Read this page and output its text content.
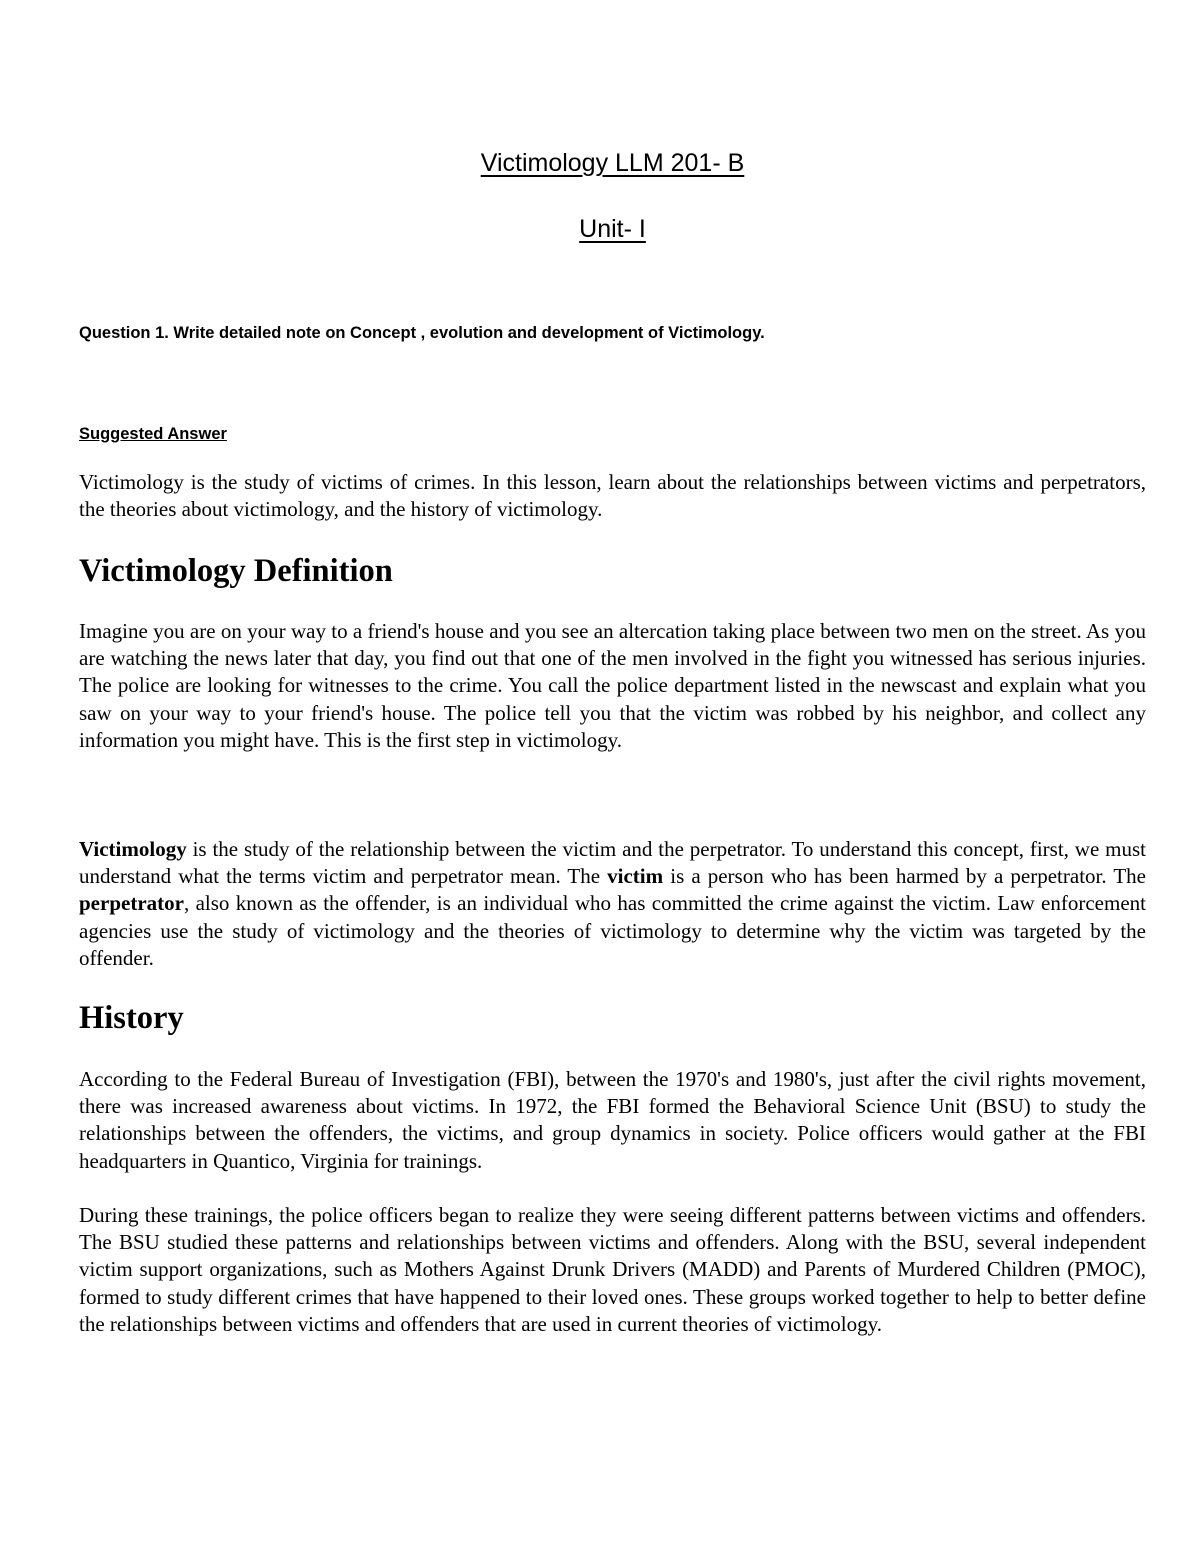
Victimology LLM 201- B
Unit- I
Question 1. Write detailed note on Concept , evolution and development of Victimology.
Suggested Answer

Victimology is the study of victims of crimes. In this lesson, learn about the relationships between victims and perpetrators, the theories about victimology, and the history of victimology.

Victimology Definition

Imagine you are on your way to a friend's house and you see an altercation taking place between two men on the street. As you are watching the news later that day, you find out that one of the men involved in the fight you witnessed has serious injuries. The police are looking for witnesses to the crime. You call the police department listed in the newscast and explain what you saw on your way to your friend's house. The police tell you that the victim was robbed by his neighbor, and collect any information you might have. This is the first step in victimology.

Victimology is the study of the relationship between the victim and the perpetrator. To understand this concept, first, we must understand what the terms victim and perpetrator mean. The victim is a person who has been harmed by a perpetrator. The perpetrator, also known as the offender, is an individual who has committed the crime against the victim. Law enforcement agencies use the study of victimology and the theories of victimology to determine why the victim was targeted by the offender.

History

According to the Federal Bureau of Investigation (FBI), between the 1970's and 1980's, just after the civil rights movement, there was increased awareness about victims. In 1972, the FBI formed the Behavioral Science Unit (BSU) to study the relationships between the offenders, the victims, and group dynamics in society. Police officers would gather at the FBI headquarters in Quantico, Virginia for trainings.

During these trainings, the police officers began to realize they were seeing different patterns between victims and offenders. The BSU studied these patterns and relationships between victims and offenders. Along with the BSU, several independent victim support organizations, such as Mothers Against Drunk Drivers (MADD) and Parents of Murdered Children (PMOC), formed to study different crimes that have happened to their loved ones. These groups worked together to help to better define the relationships between victims and offenders that are used in current theories of victimology.
